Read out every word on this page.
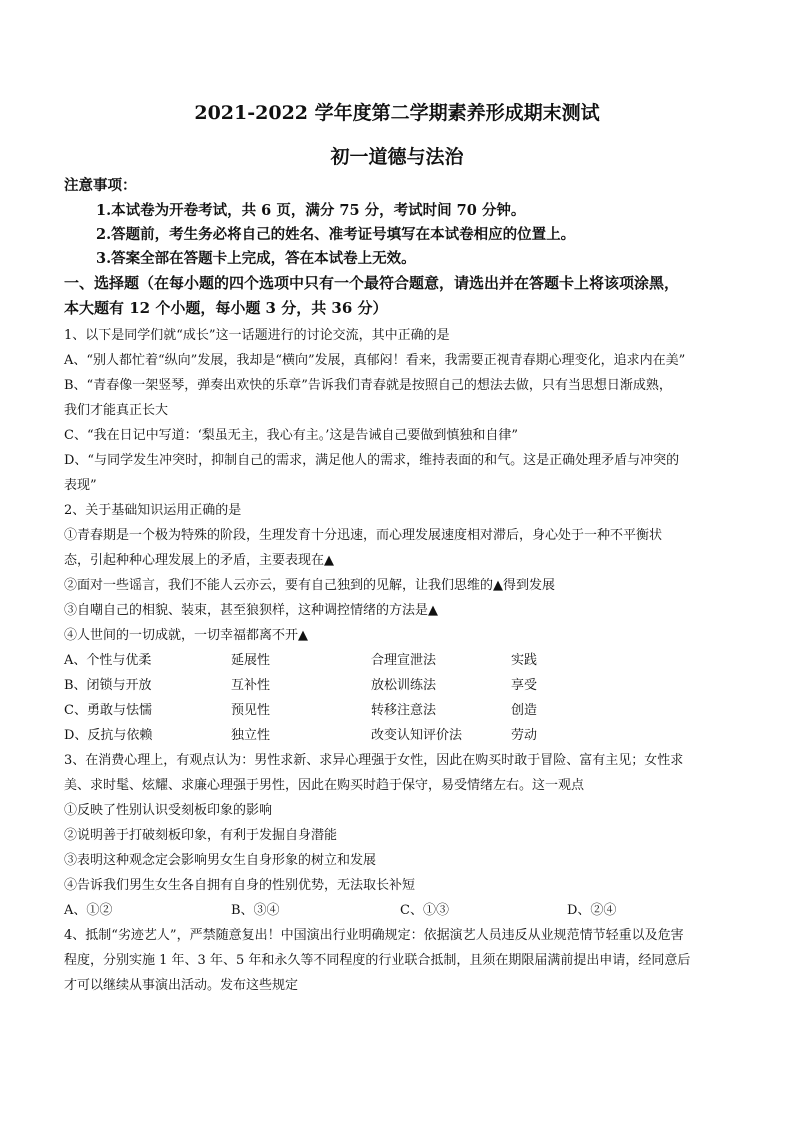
2021-2022 学年度第二学期素养形成期末测试
初一道德与法治
注意事项：
1.本试卷为开卷考试，共 6 页，满分 75 分，考试时间 70 分钟。
2.答题前，考生务必将自己的姓名、准考证号填写在本试卷相应的位置上。
3.答案全部在答题卡上完成，答在本试卷上无效。
一、选择题（在每小题的四个选项中只有一个最符合题意，请选出并在答题卡上将该项涂黑，
本大题有 12 个小题，每小题 3 分，共 36 分）
1、以下是同学们就“成长”这一话题进行的讨论交流，其中正确的是
A、“别人都忙着“纵向”发展，我却是“横向”发展，真郁闷！看来，我需要正视青春期心理变化，追求内在美”
B、“青春像一架竖琴，弹奏出欢快的乐章”告诉我们青春就是按照自己的想法去做，只有当思想日渐成熟，
我们才能真正长大
C、“我在日记中写道：‘梨虽无主，我心有主。’这是告诫自己要做到慎独和自律”
D、“与同学发生冲突时，抑制自己的需求，满足他人的需求，维持表面的和气。这是正确处理矛盾与冲突的
表现”
2、关于基础知识运用正确的是
①青春期是一个极为特殊的阶段，生理发育十分迅速，而心理发展速度相对滞后，身心处于一种不平衡状
态，引起种种心理发展上的矛盾，主要表现在▲
②面对一些谣言，我们不能人云亦云，要有自己独到的见解，让我们思维的▲得到发展
③自嘲自己的相貌、装束，甚至狼狈样，这种调控情绪的方法是▲
④人世间的一切成就，一切幸福都离不开▲
A、个性与优柔	延展性	合理宣泄法	实践
B、闭锁与开放	互补性	放松训练法	享受
C、勇敢与怯懦	预见性	转移注意法	创造
D、反抗与依赖	独立性	改变认知评价法	劳动
3、在消费心理上，有观点认为：男性求新、求异心理强于女性，因此在购买时敢于冒险、富有主见；女性求
美、求时髦、炫耀、求廉心理强于男性，因此在购买时趋于保守，易受情绪左右。这一观点
①反映了性别认识受刻板印象的影响
②说明善于打破刻板印象，有利于发掘自身潜能
③表明这种观念定会影响男女生自身形象的树立和发展
④告诉我们男生女生各自拥有自身的性别优势，无法取长补短
A、①②	B、③④	C、①③	D、②④
4、抵制“劣迹艺人”，严禁随意复出！中国演出行业明确规定：依据演艺人员违反从业规范情节轻重以及危害
程度，分别实施 1 年、3 年、5 年和永久等不同程度的行业联合抵制，且须在期限届满前提出申请，经同意后
才可以继续从事演出活动。发布这些规定
